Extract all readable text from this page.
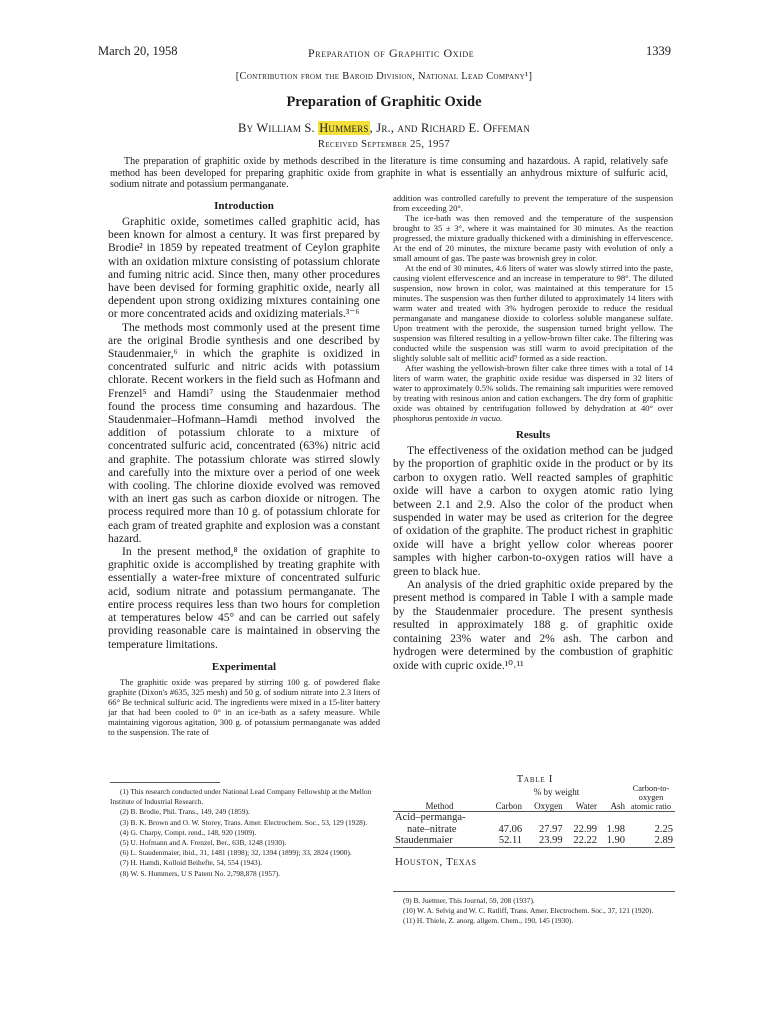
March 20, 1958	Preparation of Graphitic Oxide	1339
[Contribution from the Baroid Division, National Lead Company¹]
Preparation of Graphitic Oxide
By William S. Hummers, Jr., and Richard E. Offeman
Received September 25, 1957

The preparation of graphitic oxide by methods described in the literature is time consuming and hazardous. A rapid, relatively safe method has been developed for preparing graphitic oxide from graphite in what is essentially an anhydrous mixture of sulfuric acid, sodium nitrate and potassium permanganate.

Introduction

Graphitic oxide, sometimes called graphitic acid, has been known for almost a century. It was first prepared by Brodie² in 1859 by repeated treatment of Ceylon graphite with an oxidation mixture consisting of potassium chlorate and fuming nitric acid. Since then, many other procedures have been devised for forming graphitic oxide, nearly all dependent upon strong oxidizing mixtures containing one or more concentrated acids and oxidizing materials.³⁻⁶

The methods most commonly used at the present time are the original Brodie synthesis and one described by Staudenmaier,⁶ in which the graphite is oxidized in concentrated sulfuric and nitric acids with potassium chlorate. Recent workers in the field such as Hofmann and Frenzel⁵ and Hamdi⁷ using the Staudenmaier method found the process time consuming and hazardous. The Staudenmaier–Hofmann–Hamdi method involved the addition of potassium chlorate to a mixture of concentrated sulfuric acid, concentrated (63%) nitric acid and graphite. The potassium chlorate was stirred slowly and carefully into the mixture over a period of one week with cooling. The chlorine dioxide evolved was removed with an inert gas such as carbon dioxide or nitrogen. The process required more than 10 g. of potassium chlorate for each gram of treated graphite and explosion was a constant hazard.

In the present method,⁸ the oxidation of graphite to graphitic oxide is accomplished by treating graphite with essentially a water-free mixture of concentrated sulfuric acid, sodium nitrate and potassium permanganate. The entire process requires less than two hours for completion at temperatures below 45° and can be carried out safely providing reasonable care is maintained in observing the temperature limitations.

Experimental

The graphitic oxide was prepared by stirring 100 g. of powdered flake graphite (Dixon's #635, 325 mesh) and 50 g. of sodium nitrate into 2.3 liters of 66° Be technical sulfuric acid. The ingredients were mixed in a 15-liter battery jar that had been cooled to 0° in an ice-bath as a safety measure. While maintaining vigorous agitation, 300 g. of potassium permanganate was added to the suspension. The rate of

(1) This research conducted under National Lead Company Fellowship at the Mellon Institute of Industrial Research.
(2) B. Brodie, Phil. Trans., 149, 249 (1859).
(3) B. K. Brown and O. W. Storey, Trans. Amer. Electrochem. Soc., 53, 129 (1928).
(4) G. Charpy, Compt. rend., 148, 920 (1909).
(5) U. Hofmann and A. Frenzel, Ber., 63B, 1248 (1930).
(6) L. Staudenmaier, ibid., 31, 1481 (1898); 32, 1394 (1899); 33, 2824 (1900).
(7) H. Hamdi, Kolloid Beihefte, 54, 554 (1943).
(8) W. S. Hummers, U S Patent No. 2,798,878 (1957).

addition was controlled carefully to prevent the temperature of the suspension from exceeding 20°.

The ice-bath was then removed and the temperature of the suspension brought to 35 ± 3°, where it was maintained for 30 minutes. As the reaction progressed, the mixture gradually thickened with a diminishing in effervescence. At the end of 20 minutes, the mixture became pasty with evolution of only a small amount of gas. The paste was brownish grey in color.

At the end of 30 minutes, 4.6 liters of water was slowly stirred into the paste, causing violent effervescence and an increase in temperature to 98°. The diluted suspension, now brown in color, was maintained at this temperature for 15 minutes. The suspension was then further diluted to approximately 14 liters with warm water and treated with 3% hydrogen peroxide to reduce the residual permanganate and manganese dioxide to colorless soluble manganese sulfate. Upon treatment with the peroxide, the suspension turned bright yellow. The suspension was filtered resulting in a yellow-brown filter cake. The filtering was conducted while the suspension was still warm to avoid precipitation of the slightly soluble salt of mellitic acid⁹ formed as a side reaction.

After washing the yellowish-brown filter cake three times with a total of 14 liters of warm water, the graphitic oxide residue was dispersed in 32 liters of water to approximately 0.5% solids. The remaining salt impurities were removed by treating with resinous anion and cation exchangers. The dry form of graphitic oxide was obtained by centrifugation followed by dehydration at 40° over phosphorus pentoxide in vacuo.

Results

The effectiveness of the oxidation method can be judged by the proportion of graphitic oxide in the product or by its carbon to oxygen ratio. Well reacted samples of graphitic oxide will have a carbon to oxygen atomic ratio lying between 2.1 and 2.9. Also the color of the product when suspended in water may be used as criterion for the degree of oxidation of the graphite. The product richest in graphitic oxide will have a bright yellow color whereas poorer samples with higher carbon-to-oxygen ratios will have a green to black hue.

An analysis of the dried graphitic oxide prepared by the present method is compared in Table I with a sample made by the Staudenmaier procedure. The present synthesis resulted in approximately 188 g. of graphitic oxide containing 23% water and 2% ash. The carbon and hydrogen were determined by the combustion of graphitic oxide with cupric oxide.¹⁰˒¹¹

Table I
	% by weight				Carbon-to-oxygen atomic ratio
Method	Carbon	Oxygen	Water	Ash	
Acid–permanga-
nate–nitrate	47.06	27.97	22.99	1.98	2.25
Staudenmaier	52.11	23.99	22.22	1.90	2.89
Houston, Texas
(9) B. Juettner, This Journal, 59, 208 (1937).
(10) W. A. Selvig and W. C. Ratliff, Trans. Amer. Electrochem. Soc., 37, 121 (1920).
(11) H. Thiele, Z. anorg. allgem. Chem., 190, 145 (1930).
